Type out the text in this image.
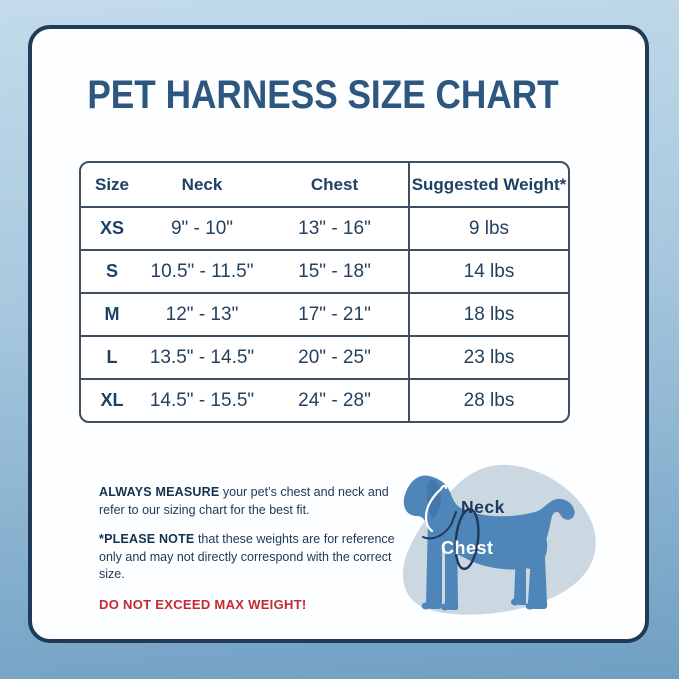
PET HARNESS SIZE CHART
Size	Neck	Chest	Suggested Weight*
XS	9" - 10"	13" - 16"	9 lbs
S	10.5" - 11.5"	15" - 18"	14 lbs
M	12" - 13"	17" - 21"	18 lbs
L	13.5" - 14.5"	20" - 25"	23 lbs
XL	14.5" - 15.5"	24" - 28"	28 lbs

ALWAYS MEASURE your pet’s chest and neck and refer to our sizing chart for the best fit.

*PLEASE NOTE that these weights are for reference only and may not directly correspond with the correct size.

DO NOT EXCEED MAX WEIGHT!

Neck
Chest
